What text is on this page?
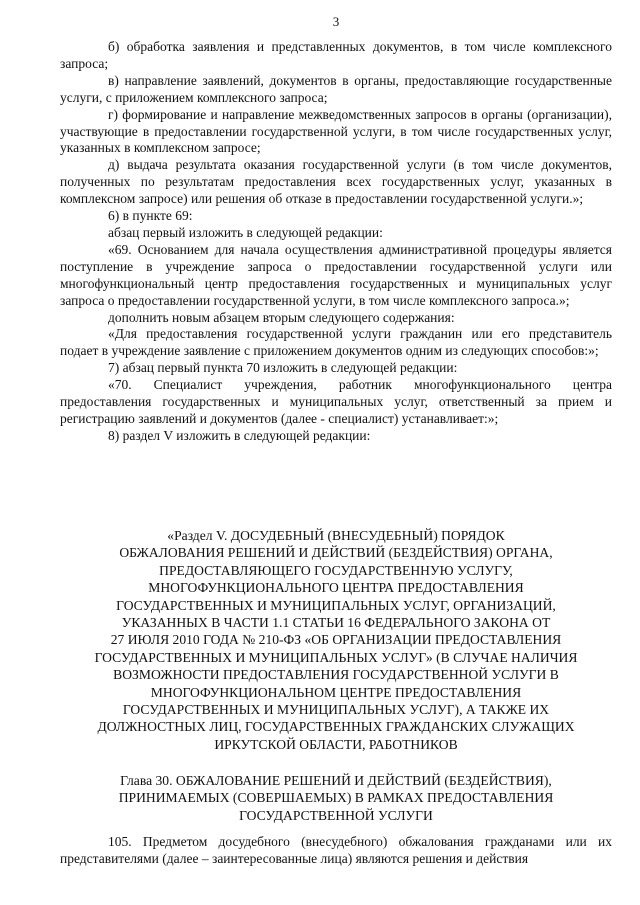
3

б) обработка заявления и представленных документов, в том числе комплексного запроса;

в) направление заявлений, документов в органы, предоставляющие государственные услуги, с приложением комплексного запроса;

г) формирование и направление межведомственных запросов в органы (организации), участвующие в предоставлении государственной услуги, в том числе государственных услуг, указанных в комплексном запросе;

д) выдача результата оказания государственной услуги (в том числе документов, полученных по результатам предоставления всех государственных услуг, указанных в комплексном запросе) или решения об отказе в предоставлении государственной услуги.»;

6) в пункте 69:

абзац первый изложить в следующей редакции:

«69. Основанием для начала осуществления административной процедуры является поступление в учреждение запроса о предоставлении государственной услуги или многофункциональный центр предоставления государственных и муниципальных услуг запроса о предоставлении государственной услуги, в том числе комплексного запроса.»;

дополнить новым абзацем вторым следующего содержания:

«Для предоставления государственной услуги гражданин или его представитель подает в учреждение заявление с приложением документов одним из следующих способов:»;

7) абзац первый пункта 70 изложить в следующей редакции:

«70. Специалист учреждения, работник многофункционального центра предоставления государственных и муниципальных услуг, ответственный за прием и регистрацию заявлений и документов (далее - специалист) устанавливает:»;

8) раздел V изложить в следующей редакции:

«Раздел V. ДОСУДЕБНЫЙ (ВНЕСУДЕБНЫЙ) ПОРЯДОК
ОБЖАЛОВАНИЯ РЕШЕНИЙ И ДЕЙСТВИЙ (БЕЗДЕЙСТВИЯ) ОРГАНА,
ПРЕДОСТАВЛЯЮЩЕГО ГОСУДАРСТВЕННУЮ УСЛУГУ,
МНОГОФУНКЦИОНАЛЬНОГО ЦЕНТРА ПРЕДОСТАВЛЕНИЯ
ГОСУДАРСТВЕННЫХ И МУНИЦИПАЛЬНЫХ УСЛУГ, ОРГАНИЗАЦИЙ,
УКАЗАННЫХ В ЧАСТИ 1.1 СТАТЬИ 16 ФЕДЕРАЛЬНОГО ЗАКОНА ОТ
27 ИЮЛЯ 2010 ГОДА № 210-ФЗ «ОБ ОРГАНИЗАЦИИ ПРЕДОСТАВЛЕНИЯ
ГОСУДАРСТВЕННЫХ И МУНИЦИПАЛЬНЫХ УСЛУГ» (В СЛУЧАЕ НАЛИЧИЯ
ВОЗМОЖНОСТИ ПРЕДОСТАВЛЕНИЯ ГОСУДАРСТВЕННОЙ УСЛУГИ В
МНОГОФУНКЦИОНАЛЬНОМ ЦЕНТРЕ ПРЕДОСТАВЛЕНИЯ
ГОСУДАРСТВЕННЫХ И МУНИЦИПАЛЬНЫХ УСЛУГ), А ТАКЖЕ ИХ
ДОЛЖНОСТНЫХ ЛИЦ, ГОСУДАРСТВЕННЫХ ГРАЖДАНСКИХ СЛУЖАЩИХ
ИРКУТСКОЙ ОБЛАСТИ, РАБОТНИКОВ
Глава 30. ОБЖАЛОВАНИЕ РЕШЕНИЙ И ДЕЙСТВИЙ (БЕЗДЕЙСТВИЯ),
ПРИНИМАЕМЫХ (СОВЕРШАЕМЫХ) В РАМКАХ ПРЕДОСТАВЛЕНИЯ
ГОСУДАРСТВЕННОЙ УСЛУГИ

105. Предметом досудебного (внесудебного) обжалования гражданами или их представителями (далее – заинтересованные лица) являются решения и действия
